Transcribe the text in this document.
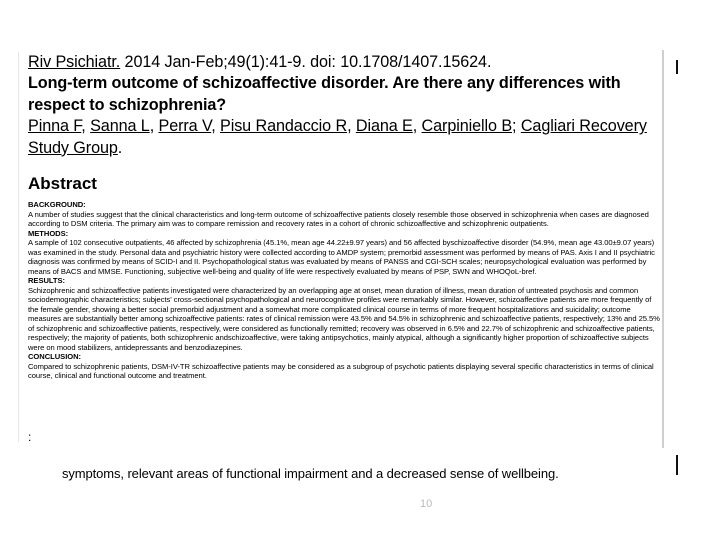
Riv Psichiatr. 2014 Jan-Feb;49(1):41-9. doi: 10.1708/1407.15624.
Long-term outcome of schizoaffective disorder. Are there any differences with respect to schizophrenia?
Pinna F, Sanna L, Perra V, Pisu Randaccio R, Diana E, Carpiniello B; Cagliari Recovery Study Group.
Abstract

BACKGROUND:
A number of studies suggest that the clinical characteristics and long-term outcome of schizoaffective patients closely resemble those observed in schizophrenia when cases are diagnosed according to DSM criteria. The primary aim was to compare remission and recovery rates in a cohort of chronic schizoaffective and schizophrenic outpatients.

METHODS:
A sample of 102 consecutive outpatients, 46 affected by schizophrenia (45.1%, mean age 44.22±9.97 years) and 56 affected byschizoaffective disorder (54.9%, mean age 43.00±9.07 years) was examined in the study. Personal data and psychiatric history were collected according to AMDP system; premorbid assessment was performed by means of PAS. Axis I and II psychiatric diagnosis was confirmed by means of SCID-I and II. Psychopathological status was evaluated by means of PANSS and CGI-SCH scales; neuropsychological evaluation was performed by means of BACS and MMSE. Functioning, subjective well-being and quality of life were respectively evaluated by means of PSP, SWN and WHOQoL-bref.

RESULTS:
Schizophrenic and schizoaffective patients investigated were characterized by an overlapping age at onset, mean duration of illness, mean duration of untreated psychosis and common sociodemographic characteristics; subjects' cross-sectional psychopathological and neurocognitive profiles were remarkably similar. However, schizoaffective patients are more frequently of the female gender, showing a better social premorbid adjustment and a somewhat more complicated clinical course in terms of more frequent hospitalizations and suicidality; outcome measures are substantially better among schizoaffective patients: rates of clinical remission were 43.5% and 54.5% in schizophrenic and schizoaffective patients, respectively; 13% and 25.5% of schizophrenic and schizoaffective patients, respectively, were considered as functionally remitted; recovery was observed in 6.5% and 22.7% of schizophrenic and schizoaffective patients, respectively; the majority of patients, both schizophrenic andschizoaffective, were taking antipsychotics, mainly atypical, although a significantly higher proportion of schizoaffective subjects were on mood stabilizers, antidepressants and benzodiazepines.

CONCLUSION:
Compared to schizophrenic patients, DSM-IV-TR schizoaffective patients may be considered as a subgroup of psychotic patients displaying several specific characteristics in terms of clinical course, clinical and functional outcome and treatment.

:
symptoms, relevant areas of functional impairment and a decreased sense of wellbeing.
10
